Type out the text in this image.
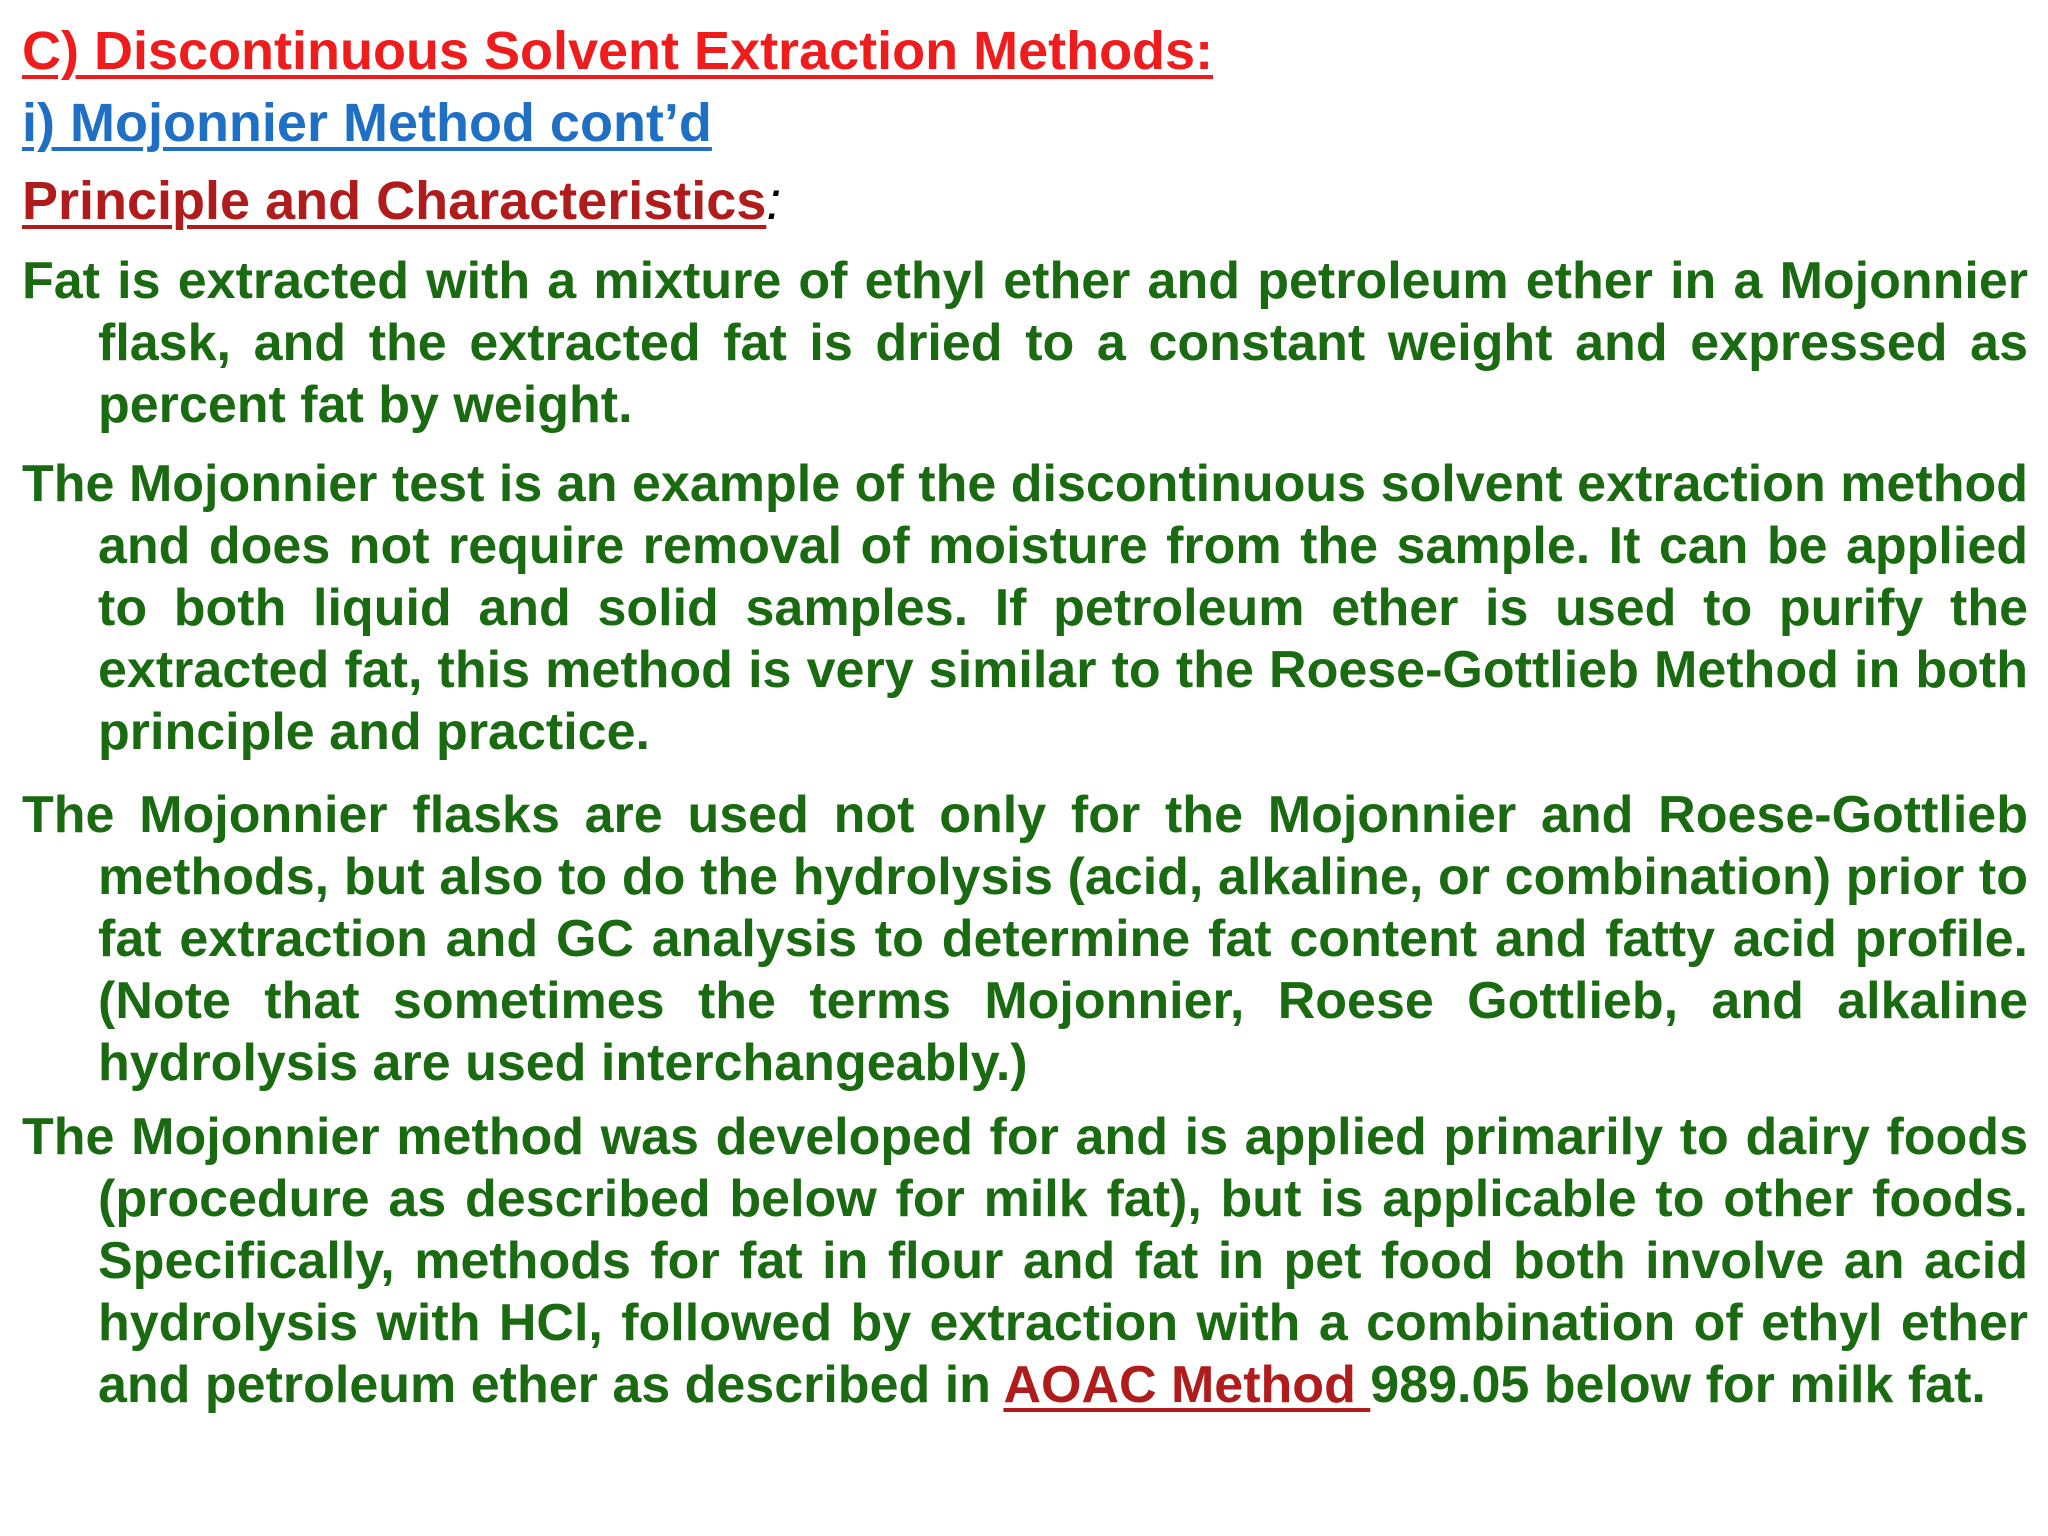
C) Discontinuous Solvent Extraction Methods:
i) Mojonnier Method cont’d
Principle and Characteristics:

Fat is extracted with a mixture of ethyl ether and petroleum ether in a Mojonnier flask, and the extracted fat is dried to a constant weight and expressed as percent fat by weight.

The Mojonnier test is an example of the discontinuous solvent extraction method and does not require removal of moisture from the sample. It can be applied to both liquid and solid samples. If petroleum ether is used to purify the extracted fat, this method is very similar to the Roese-Gottlieb Method in both principle and practice.

The Mojonnier flasks are used not only for the Mojonnier and Roese-Gottlieb methods, but also to do the hydrolysis (acid, alkaline, or combination) prior to fat extraction and GC analysis to determine fat content and fatty acid profile. (Note that sometimes the terms Mojonnier, Roese Gottlieb, and alkaline hydrolysis are used interchangeably.)

The Mojonnier method was developed for and is applied primarily to dairy foods (procedure as described below for milk fat), but is applicable to other foods. Specifically, methods for fat in flour and fat in pet food both involve an acid hydrolysis with HCl, followed by extraction with a combination of ethyl ether and petroleum ether as described in AOAC Method 989.05 below for milk fat.
